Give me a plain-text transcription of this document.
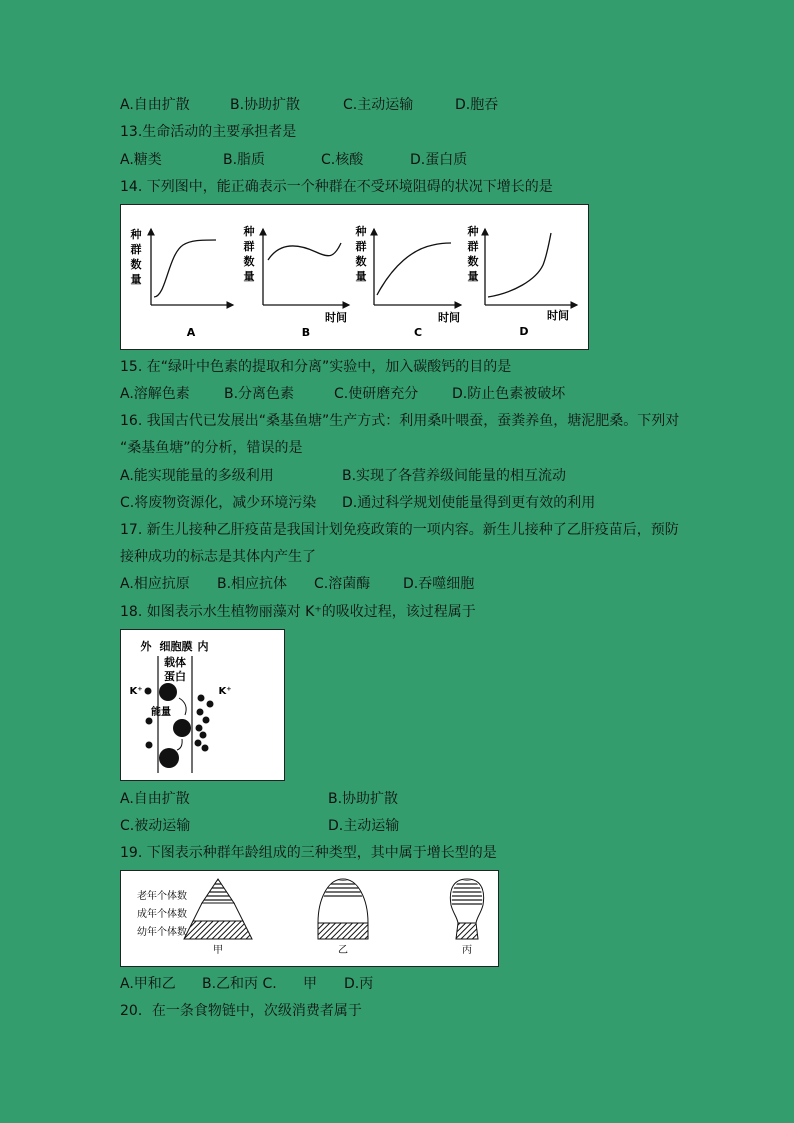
A.自由扩散	B.协助扩散	C.主动运输	D.胞吞
13.生命活动的主要承担者是
A.糖类	B.脂质	C.核酸	D.蛋白质
14. 下列图中，能正确表示一个种群在不受环境阻碍的状况下增长的是
种
群
数
量
A
种
群
数
量
时间
B
种
群
数
量
时间
C
种
群
数
量
时间
D
15. 在“绿叶中色素的提取和分离”实验中，加入碳酸钙的目的是
A.溶解色素 B.分离色素	C.使研磨充分 D.防止色素被破坏
16. 我国古代已发展出“桑基鱼塘”生产方式：利用桑叶喂蚕，蚕粪养鱼，塘泥肥桑。下列对
“桑基鱼塘”的分析，错误的是
A.能实现能量的多级利用	B.实现了各营养级间能量的相互流动
C.将废物资源化，减少环境污染 D.通过科学规划使能量得到更有效的利用
17. 新生儿接种乙肝疫苗是我国计划免疫政策的一项内容。新生儿接种了乙肝疫苗后，预防
接种成功的标志是其体内产生了
A.相应抗原 B.相应抗体 C.溶菌酶 D.吞噬细胞
18. 如图表示水生植物丽藻对 K⁺的吸收过程，该过程属于
外 细胞膜 内
载体
蛋白
K⁺	K⁺
能量
A.自由扩散	B.协助扩散
C.被动运输	D.主动运输
19. 下图表示种群年龄组成的三种类型，其中属于增长型的是
老年个体数
成年个体数
幼年个体数
甲	乙	丙
A.甲和乙 B.乙和丙 C. 甲 D.丙
20．在一条食物链中，次级消费者属于
